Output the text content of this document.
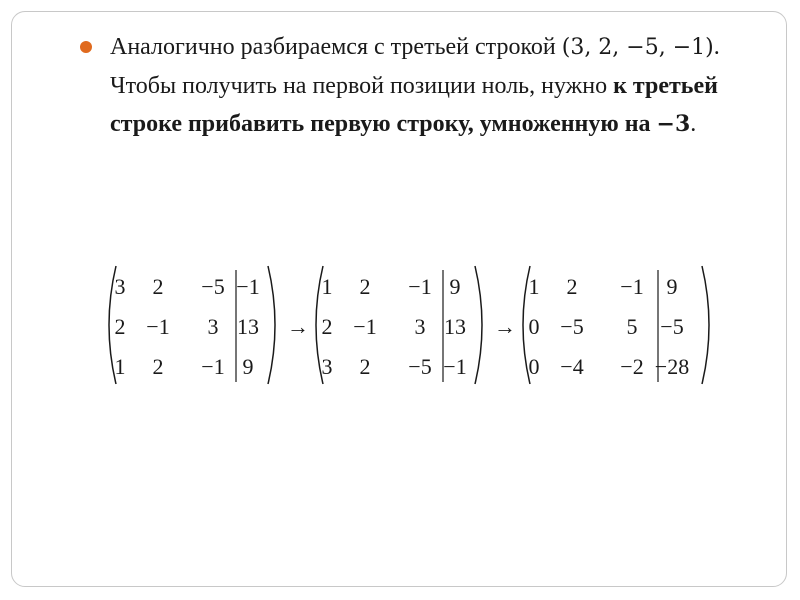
Аналогично разбираемся с третьей строкой (3, 2, −5, −1). Чтобы получить на первой позиции ноль, нужно к третьей строке прибавить первую строку, умноженную на −3.
3 2 −5 −1
2 −1 3 13
1 2 −1 9
→
1 2 −1 9
2 −1 3 13
3 2 −5 −1
→
1 2 −1 9
0 −5 5 −5
0 −4 −2 −28
